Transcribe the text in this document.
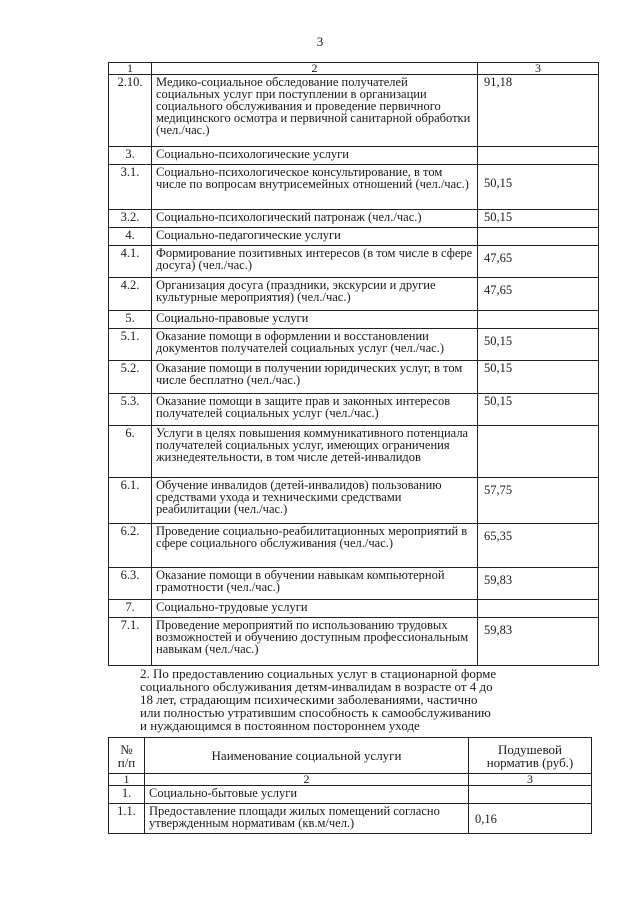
3
1	2	3
2.10.	Медико-социальное обследование получателей социальных услуг при поступлении в организации социального обслуживания и проведение первичного медицинского осмотра и первичной санитарной обработки (чел./час.)	91,18
3.	Социально-психологические услуги	
3.1.	Социально-психологическое консультирование, в том числе по вопросам внутрисемейных отношений (чел./час.)	50,15
3.2.	Социально-психологический патронаж (чел./час.)	50,15
4.	Социально-педагогические услуги	
4.1.	Формирование позитивных интересов (в том числе в сфере досуга) (чел./час.)	47,65
4.2.	Организация досуга (праздники, экскурсии и другие культурные мероприятия) (чел./час.)	47,65
5.	Социально-правовые услуги	
5.1.	Оказание помощи в оформлении и восстановлении документов получателей социальных услуг (чел./час.)	50,15
5.2.	Оказание помощи в получении юридических услуг, в том числе бесплатно (чел./час.)	50,15
5.3.	Оказание помощи в защите прав и законных интересов получателей социальных услуг (чел./час.)	50,15
6.	Услуги в целях повышения коммуникативного потенциала получателей социальных услуг, имеющих ограничения жизнедеятельности, в том числе детей-инвалидов	
6.1.	Обучение инвалидов (детей-инвалидов) пользованию средствами ухода и техническими средствами реабилитации (чел./час.)	57,75
6.2.	Проведение социально-реабилитационных мероприятий в сфере социального обслуживания (чел./час.)	65,35
6.3.	Оказание помощи в обучении навыкам компьютерной грамотности (чел./час.)	59,83
7.	Социально-трудовые услуги	
7.1.	Проведение мероприятий по использованию трудовых возможностей и обучению доступным профессиональным навыкам (чел./час.)	59,83
2. По предоставлению социальных услуг в стационарной форме
социального обслуживания детям-инвалидам в возрасте от 4 до
18 лет, страдающим психическими заболеваниями, частично
или полностью утратившим способность к самообслуживанию
и нуждающимся в постоянном постороннем уходе
№ п/п	Наименование социальной услуги	Подушевой норматив (руб.)
1	2	3
1.	Социально-бытовые услуги	
1.1.	Предоставление площади жилых помещений согласно утвержденным нормативам (кв.м/чел.)	0,16
